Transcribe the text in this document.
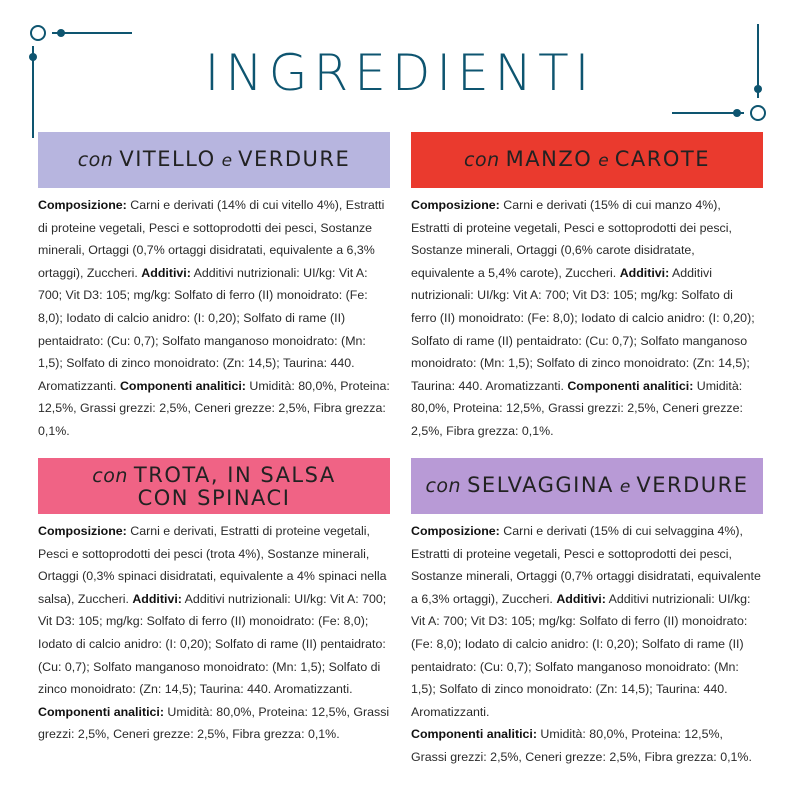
INGREDIENTI
con VITELLO e VERDURE
Composizione: Carni e derivati (14% di cui vitello 4%), Estratti di proteine vegetali, Pesci e sottoprodotti dei pesci, Sostanze minerali, Ortaggi (0,7% ortaggi disidratati, equivalente a 6,3% ortaggi), Zuccheri. Additivi: Additivi nutrizionali: UI/kg: Vit A: 700; Vit D3: 105; mg/kg: Solfato di ferro (II) monoidrato: (Fe: 8,0); Iodato di calcio anidro: (I: 0,20); Solfato di rame (II) pentaidrato: (Cu: 0,7); Solfato manganoso monoidrato: (Mn: 1,5); Solfato di zinco monoidrato: (Zn: 14,5); Taurina: 440. Aromatizzanti. Componenti analitici: Umidità: 80,0%, Proteina: 12,5%, Grassi grezzi: 2,5%, Ceneri grezze: 2,5%, Fibra grezza: 0,1%.
con MANZO e CAROTE
Composizione: Carni e derivati (15% di cui manzo 4%), Estratti di proteine vegetali, Pesci e sottoprodotti dei pesci, Sostanze minerali, Ortaggi (0,6% carote disidratate, equivalente a 5,4% carote), Zuccheri. Additivi: Additivi nutrizionali: UI/kg: Vit A: 700; Vit D3: 105; mg/kg: Solfato di ferro (II) monoidrato: (Fe: 8,0); Iodato di calcio anidro: (I: 0,20); Solfato di rame (II) pentaidrato: (Cu: 0,7); Solfato manganoso monoidrato: (Mn: 1,5); Solfato di zinco monoidrato: (Zn: 14,5); Taurina: 440. Aromatizzanti. Componenti analitici: Umidità: 80,0%, Proteina: 12,5%, Grassi grezzi: 2,5%, Ceneri grezze: 2,5%, Fibra grezza: 0,1%.
con TROTA, IN SALSA
CON SPINACI
Composizione: Carni e derivati, Estratti di proteine vegetali, Pesci e sottoprodotti dei pesci (trota 4%), Sostanze minerali, Ortaggi (0,3% spinaci disidratati, equivalente a 4% spinaci nella salsa), Zuccheri. Additivi: Additivi nutrizionali: UI/kg: Vit A: 700; Vit D3: 105; mg/kg: Solfato di ferro (II) monoidrato: (Fe: 8,0); Iodato di calcio anidro: (I: 0,20); Solfato di rame (II) pentaidrato: (Cu: 0,7); Solfato manganoso monoidrato: (Mn: 1,5); Solfato di zinco monoidrato: (Zn: 14,5); Taurina: 440. Aromatizzanti. Componenti analitici: Umidità: 80,0%, Proteina: 12,5%, Grassi grezzi: 2,5%, Ceneri grezze: 2,5%, Fibra grezza: 0,1%.
con SELVAGGINA e VERDURE
Composizione: Carni e derivati (15% di cui selvaggina 4%), Estratti di proteine vegetali, Pesci e sottoprodotti dei pesci, Sostanze minerali, Ortaggi (0,7% ortaggi disidratati, equivalente a 6,3% ortaggi), Zuccheri. Additivi: Additivi nutrizionali: UI/kg: Vit A: 700; Vit D3: 105; mg/kg: Solfato di ferro (II) monoidrato: (Fe: 8,0); Iodato di calcio anidro: (I: 0,20); Solfato di rame (II) pentaidrato: (Cu: 0,7); Solfato manganoso monoidrato: (Mn: 1,5); Solfato di zinco monoidrato: (Zn: 14,5); Taurina: 440. Aromatizzanti.
Componenti analitici: Umidità: 80,0%, Proteina: 12,5%, Grassi grezzi: 2,5%, Ceneri grezze: 2,5%, Fibra grezza: 0,1%.
